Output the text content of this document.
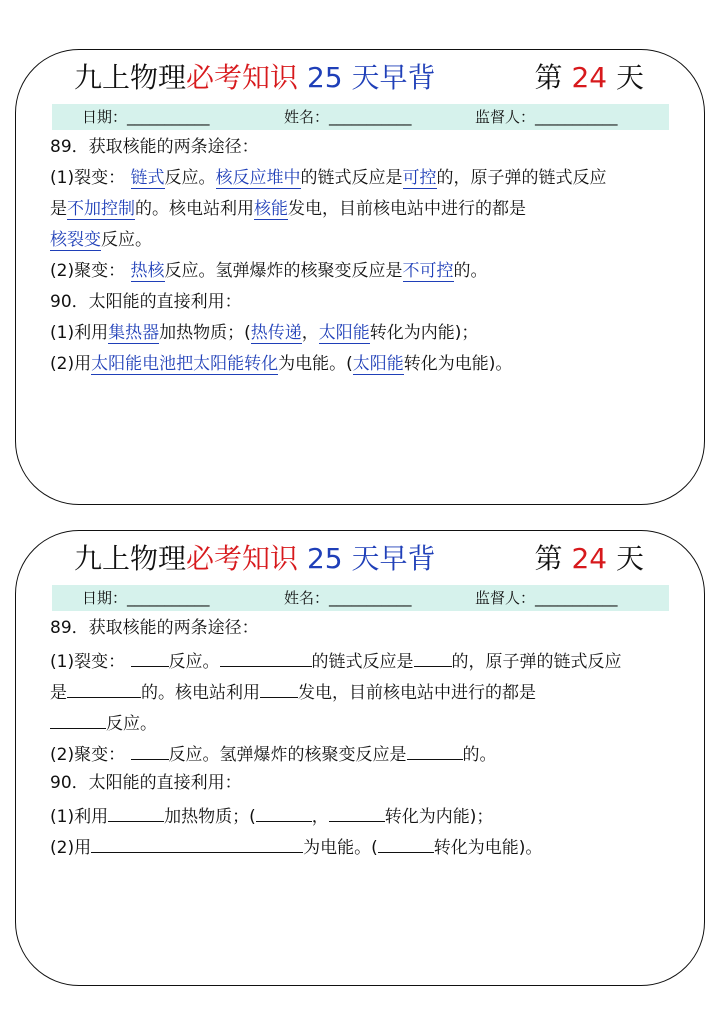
九上物理必考知识 25 天早背	第 24 天
日期：___________	姓名：___________	监督人：___________
89．获取核能的两条途径：
(1)裂变： 链式反应。核反应堆中的链式反应是可控的，原子弹的链式反应
是不加控制的。核电站利用核能发电，目前核电站中进行的都是
核裂变反应。
(2)聚变： 热核反应。氢弹爆炸的核聚变反应是不可控的。
90．太阳能的直接利用：
(1)利用集热器加热物质；(热传递，太阳能转化为内能)；
(2)用太阳能电池把太阳能转化为电能。(太阳能转化为电能)。
九上物理必考知识 25 天早背	第 24 天
日期：___________	姓名：___________	监督人：___________
89．获取核能的两条途径：
(1)裂变：	反应。	的链式反应是 的，原子弹的链式反应
是	的。核电站利用 发电，目前核电站中进行的都是
反应。
(2)聚变：	反应。氢弹爆炸的核聚变反应是	的。
90．太阳能的直接利用：
(1)利用	加热物质；(	，	转化为内能)；
(2)用	为电能。(	转化为电能)。
